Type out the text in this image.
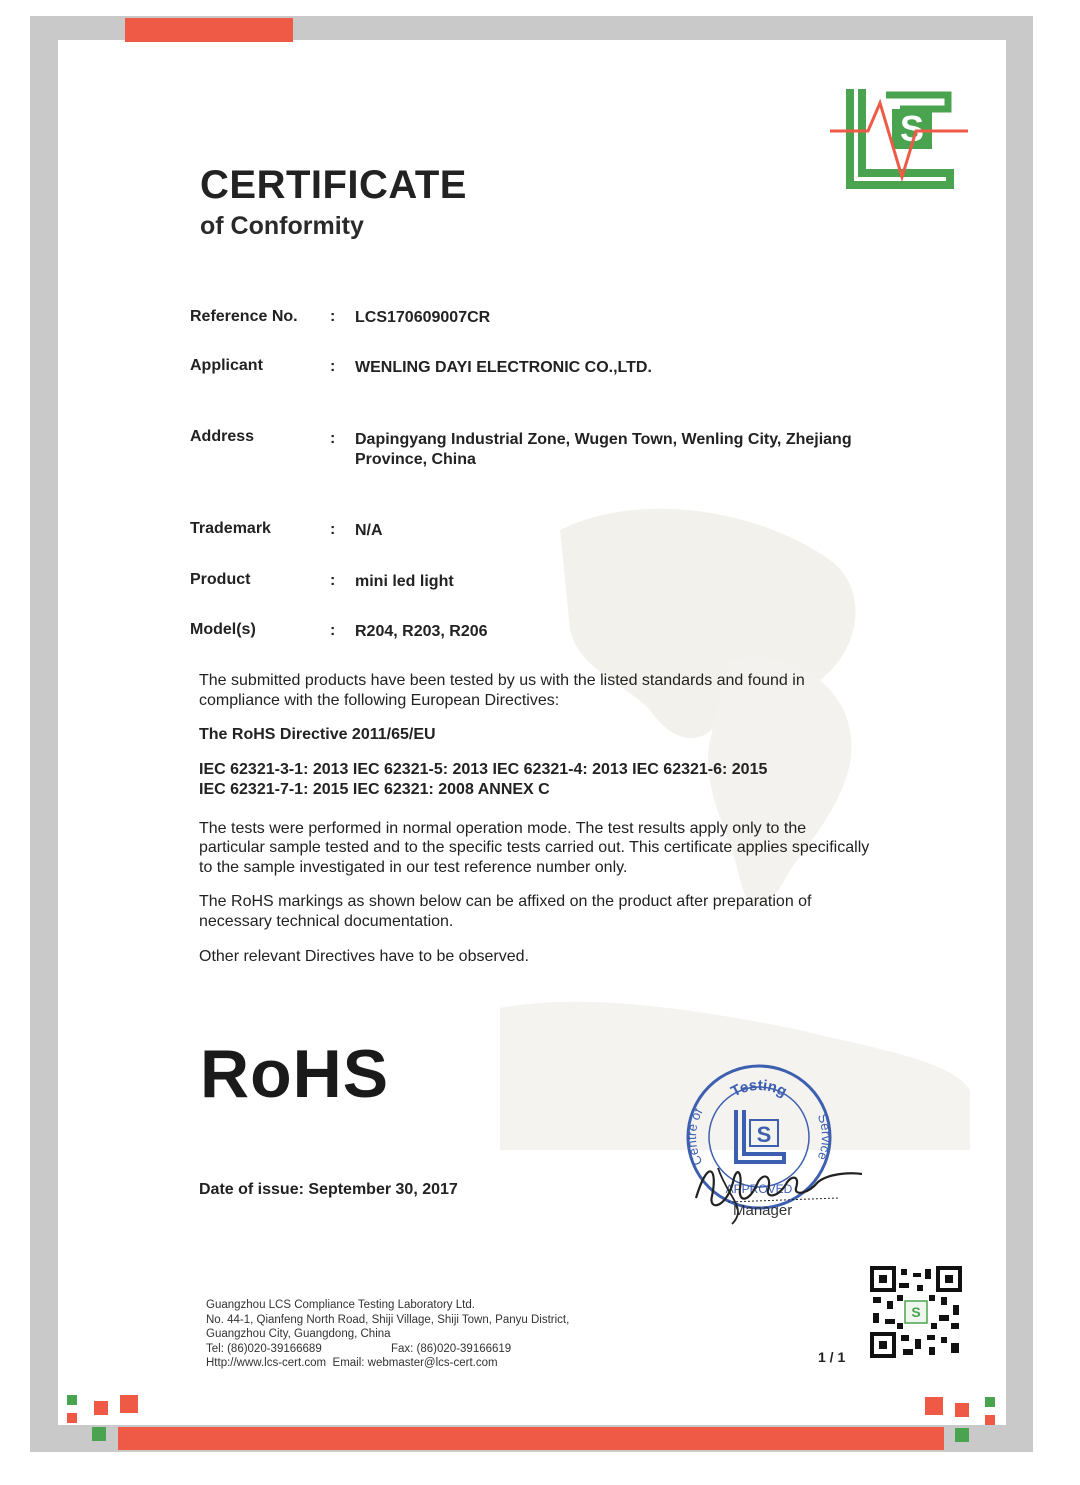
S
CERTIFICATE
of Conformity
Reference No.	: LCS170609007CR
Applicant	: WENLING DAYI ELECTRONIC CO.,LTD.
Address	: Dapingyang Industrial Zone, Wugen Town, Wenling City, Zhejiang
Province, China
Trademark	: N/A
Product	: mini led light
Model(s)	: R204, R203, R206
The submitted products have been tested by us with the listed standards and found in
compliance with the following European Directives:
The RoHS Directive 2011/65/EU
IEC 62321-3-1: 2013 IEC 62321-5: 2013 IEC 62321-4: 2013 IEC 62321-6: 2015
IEC 62321-7-1: 2015 IEC 62321: 2008 ANNEX C
The tests were performed in normal operation mode. The test results apply only to the
particular sample tested and to the specific tests carried out. This certificate applies specifically
to the sample investigated in our test reference number only.
The RoHS markings as shown below can be affixed on the product after preparation of
necessary technical documentation.
Other relevant Directives have to be observed.
RoHS
Date of issue: September 30, 2017
Testing
Centre of
Service
S
APPROVED
Manager
Guangzhou LCS Compliance Testing Laboratory Ltd.
No. 44-1, Qianfeng North Road, Shiji Village, Shiji Town, Panyu District,
Guangzhou City, Guangdong, China
Tel: (86)020-39166689	Fax: (86)020-39166619
Http://www.lcs-cert.com Email: webmaster@lcs-cert.com	1 / 1
S
